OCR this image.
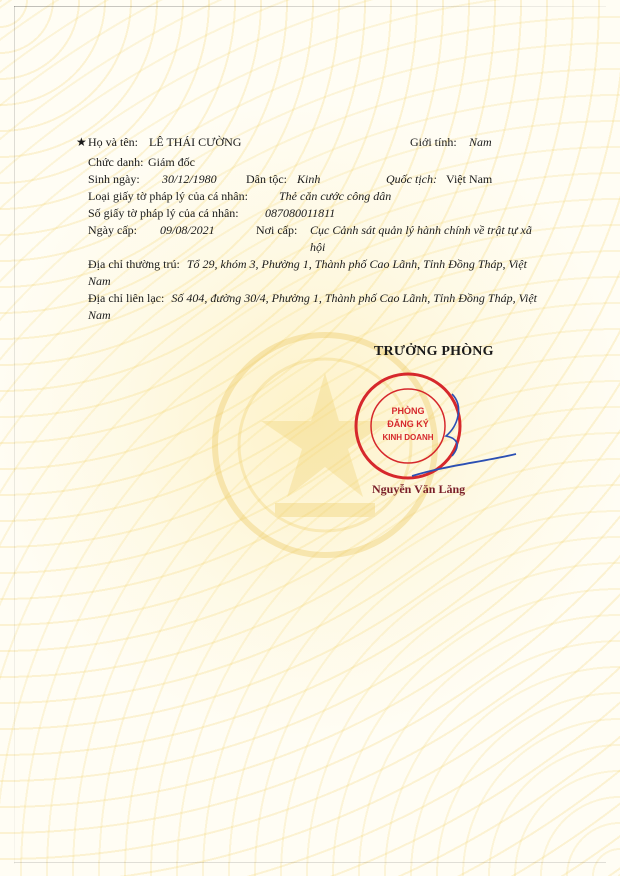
★ Họ và tên: LÊ THÁI CƯỜNG	Giới tính: Nam
Chức danh: Giám đốc
Sinh ngày: 30/12/1980 Dân tộc: Kinh	Quốc tịch: Việt Nam
Loại giấy tờ pháp lý của cá nhân:	Thẻ căn cước công dân
Số giấy tờ pháp lý của cá nhân: 087080011811
Ngày cấp: 09/08/2021	Nơi cấp: Cục Cảnh sát quản lý hành chính về trật tự xã hội
Địa chỉ thường trú: Tổ 29, khóm 3, Phường 1, Thành phố Cao Lãnh, Tỉnh Đồng Tháp, Việt Nam
Địa chỉ liên lạc: Số 404, đường 30/4, Phường 1, Thành phố Cao Lãnh, Tỉnh Đồng Tháp, Việt Nam
TRƯỞNG PHÒNG
PHÒNG
ĐĂNG KÝ
KINH DOANH
Nguyễn Văn Lăng
